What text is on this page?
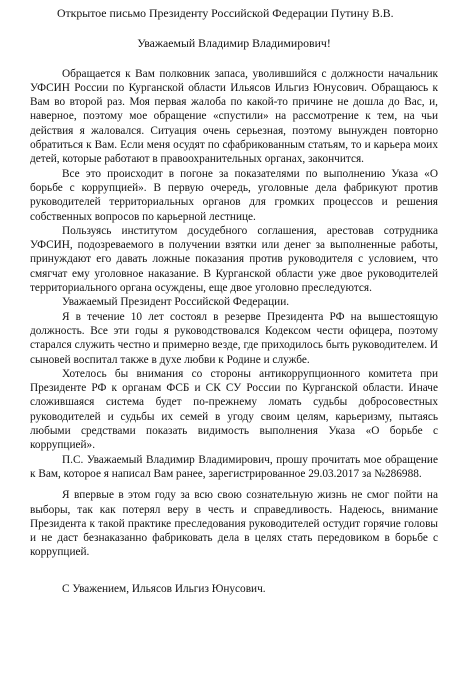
Открытое письмо Президенту Российской Федерации Путину В.В.

Уважаемый Владимир Владимирович!

Обращается к Вам полковник запаса, уволившийся с должности начальник УФСИН России по Курганской области Ильясов Ильгиз Юнусович. Обращаюсь к Вам во второй раз. Моя первая жалоба по какой-то причине не дошла до Вас, и, наверное, поэтому мое обращение «спустили» на рассмотрение к тем, на чьи действия я жаловался. Ситуация очень серьезная, поэтому вынужден повторно обратиться к Вам. Если меня осудят по сфабрикованным статьям, то и карьера моих детей, которые работают в правоохранительных органах, закончится.

Все это происходит в погоне за показателями по выполнению Указа «О борьбе с коррупцией». В первую очередь, уголовные дела фабрикуют против руководителей территориальных органов для громких процессов и решения собственных вопросов по карьерной лестнице.

Пользуясь институтом досудебного соглашения, арестовав сотрудника УФСИН, подозреваемого в получении взятки или денег за выполненные работы, принуждают его давать ложные показания против руководителя с условием, что смягчат ему уголовное наказание. В Курганской области уже двое руководителей территориального органа осуждены, еще двое уголовно преследуются.

Уважаемый Президент Российской Федерации.

Я в течение 10 лет состоял в резерве Президента РФ на вышестоящую должность. Все эти годы я руководствовался Кодексом чести офицера, поэтому старался служить честно и примерно везде, где приходилось быть руководителем. И сыновей воспитал также в духе любви к Родине и службе.

Хотелось бы внимания со стороны антикоррупционного комитета при Президенте РФ к органам ФСБ и СК СУ России по Курганской области. Иначе сложившаяся система будет по-прежнему ломать судьбы добросовестных руководителей и судьбы их семей в угоду своим целям, карьеризму, пытаясь любыми средствами показать видимость выполнения Указа «О борьбе с коррупцией».

П.С. Уважаемый Владимир Владимирович, прошу прочитать мое обращение к Вам, которое я написал Вам ранее, зарегистрированное 29.03.2017 за №286988.

Я впервые в этом году за всю свою сознательную жизнь не смог пойти на выборы, так как потерял веру в честь и справедливость. Надеюсь, внимание Президента к такой практике преследования руководителей остудит горячие головы и не даст безнаказанно фабриковать дела в целях стать передовиком в борьбе с коррупцией.

С Уважением, Ильясов Ильгиз Юнусович.
